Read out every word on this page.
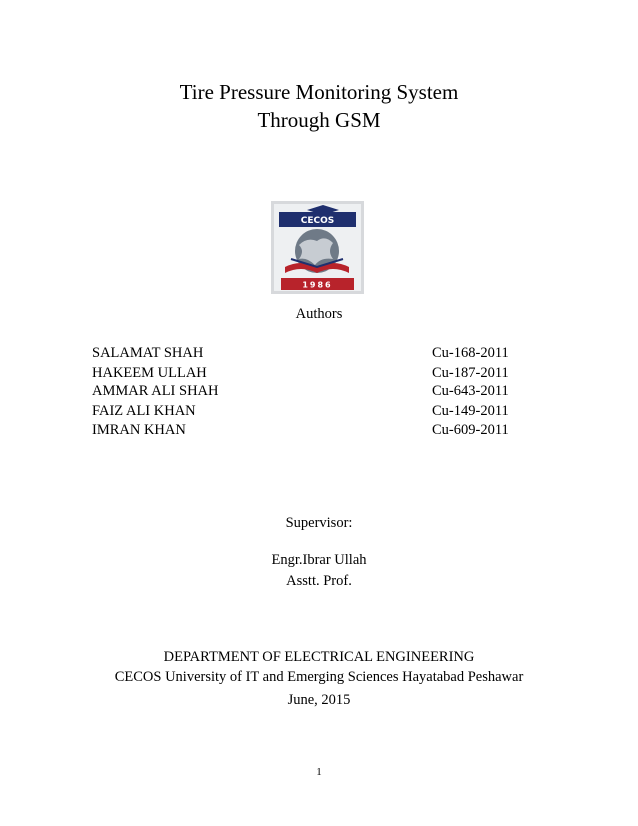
Tire Pressure Monitoring System
Through GSM
CECOS
1986
Authors
SALAMAT SHAH	Cu-168-2011
HAKEEM ULLAH	Cu-187-2011
AMMAR ALI SHAH	Cu-643-2011
FAIZ ALI KHAN	Cu-149-2011
IMRAN KHAN	Cu-609-2011
Supervisor:
Engr.Ibrar Ullah
Asstt. Prof.
DEPARTMENT OF ELECTRICAL ENGINEERING
CECOS University of IT and Emerging Sciences Hayatabad Peshawar
June, 2015
1
